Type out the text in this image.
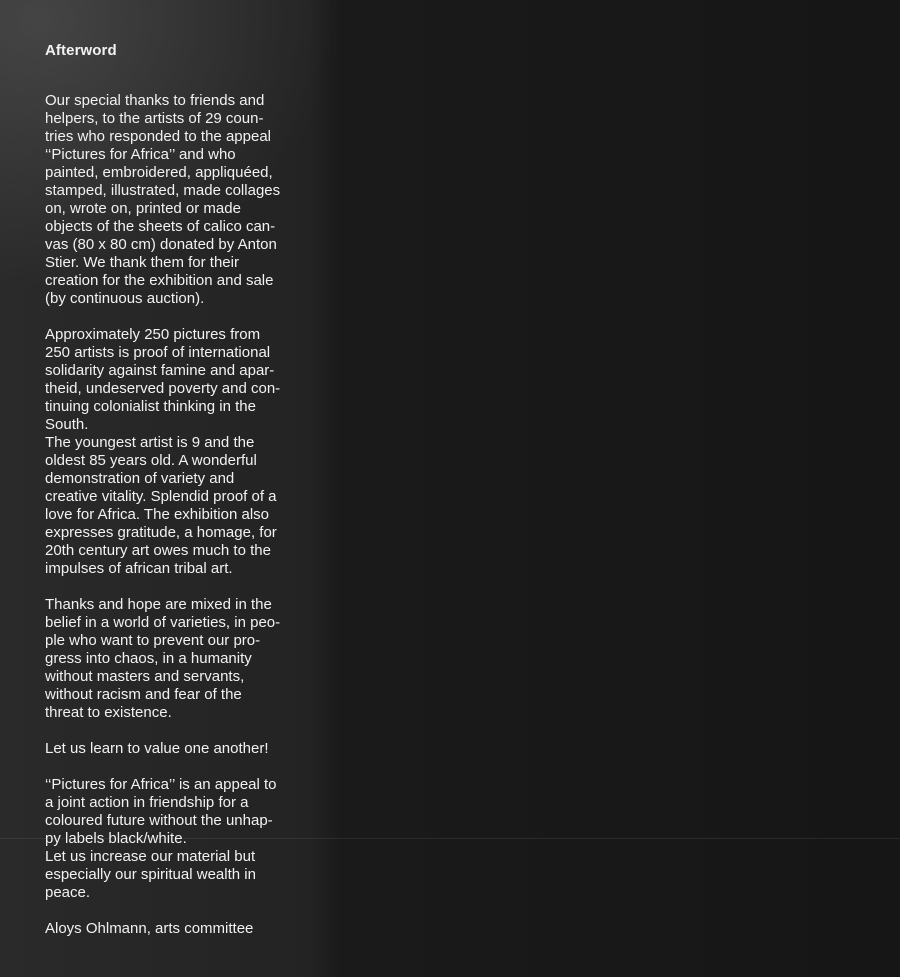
Afterword
Our special thanks to friends and
helpers, to the artists of 29 coun-
tries who responded to the appeal
‘‘Pictures for Africa’’ and who
painted, embroidered, appliquéed,
stamped, illustrated, made collages
on, wrote on, printed or made
objects of the sheets of calico can-
vas (80 x 80 cm) donated by Anton
Stier. We thank them for their
creation for the exhibition and sale
(by continuous auction).
Approximately 250 pictures from
250 artists is proof of international
solidarity against famine and apar-
theid, undeserved poverty and con-
tinuing colonialist thinking in the
South.
The youngest artist is 9 and the
oldest 85 years old. A wonderful
demonstration of variety and
creative vitality. Splendid proof of a
love for Africa. The exhibition also
expresses gratitude, a homage, for
20th century art owes much to the
impulses of african tribal art.
Thanks and hope are mixed in the
belief in a world of varieties, in peo-
ple who want to prevent our pro-
gress into chaos, in a humanity
without masters and servants,
without racism and fear of the
threat to existence.
Let us learn to value one another!
‘‘Pictures for Africa’’ is an appeal to
a joint action in friendship for a
coloured future without the unhap-
py labels black/white.
Let us increase our material but
especially our spiritual wealth in
peace.
Aloys Ohlmann, arts committee
